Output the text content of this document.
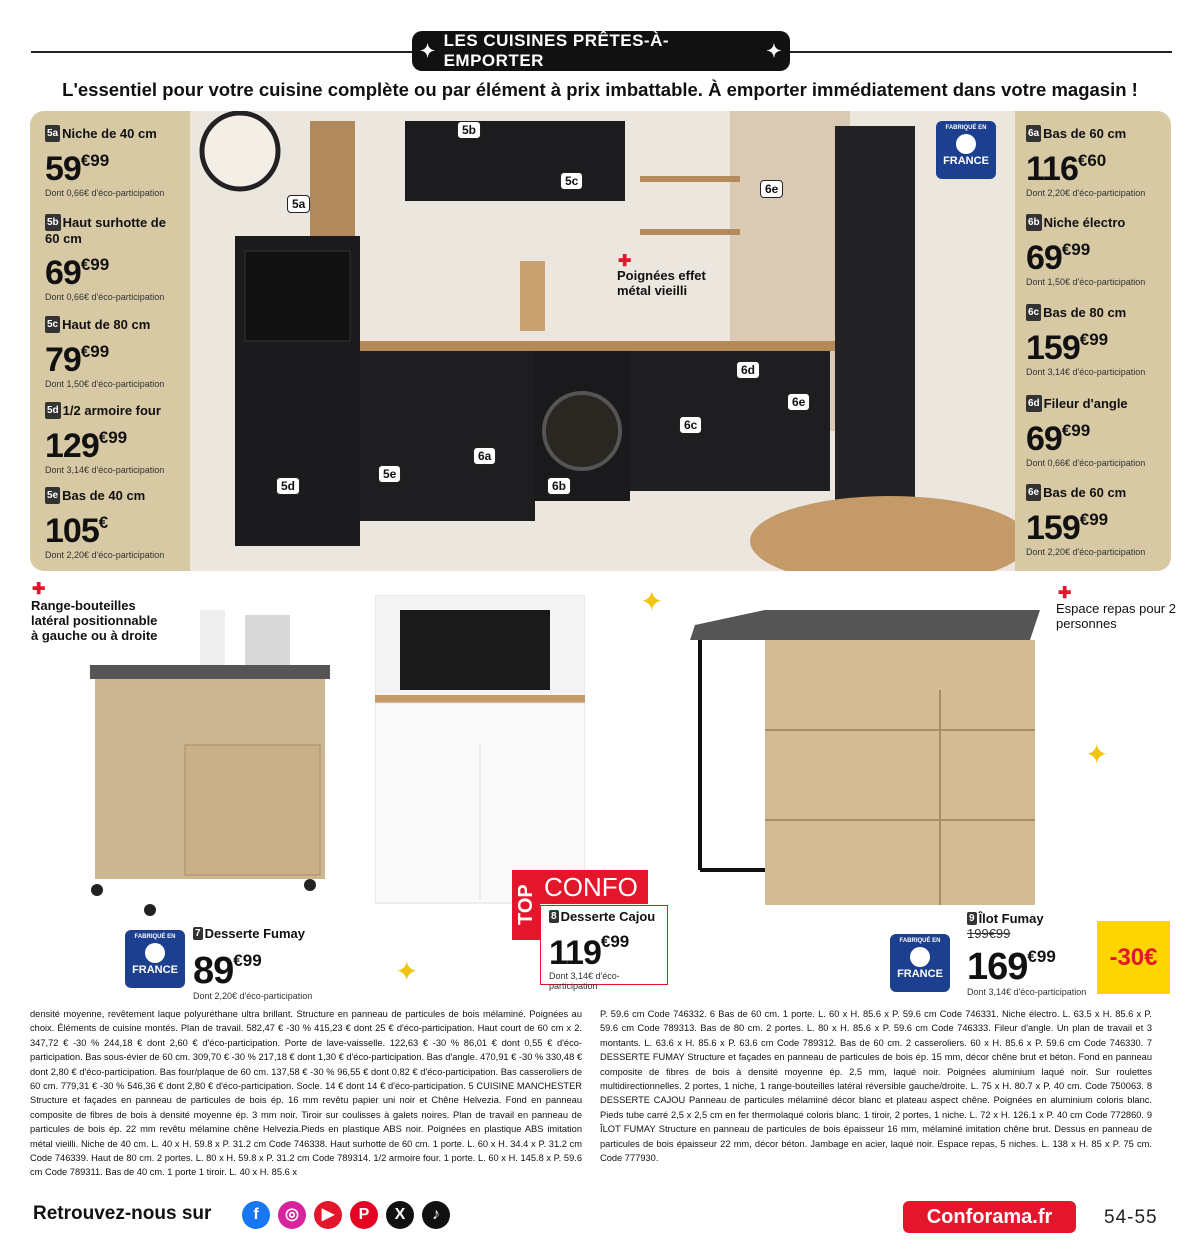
✦ LES CUISINES PRÊTES-À-EMPORTER	✦
L'essentiel pour votre cuisine complète ou par élément à prix imbattable. À emporter immédiatement dans votre magasin !
5a
5b
5c
5d
5e
6a
6b
6c
6d
6e
6e
✚
Poignées effet métal vieilli
FABRIQUÉ EN
FRANCE
5a Niche de 40 cm
$59^{€99}$
Dont 0,66€ d'éco-participation
5b Haut surhotte de 60 cm
$69^{€99}$
Dont 0,66€ d'éco-participation
5c Haut de 80 cm
$79^{€99}$
Dont 1,50€ d'éco-participation
5d 1/2 armoire four
$129^{€99}$
Dont 3,14€ d'éco-participation
5e Bas de 40 cm
105€
Dont 2,20€ d'éco-participation
6a Bas de 60 cm
$116^{€60}$
Dont 2,20€ d'éco-participation
6b Niche électro
$69^{€99}$
Dont 1,50€ d'éco-participation
6c Bas de 80 cm
$159^{€99}$
Dont 3,14€ d'éco-participation
6d Fileur d'angle
$69^{€99}$
Dont 0,66€ d'éco-participation
6e Bas de 60 cm
$159^{€99}$
Dont 2,20€ d'éco-participation
✚
Range-bouteilles latéral positionnable à gauche ou à droite
✚
Espace repas pour 2 personnes
✦
✦
✦
FABRIQUÉ EN
FRANCE
7 Desserte Fumay
$89^{€99}$
Dont 2,20€ d'éco-participation
TOP CONFO
8 Desserte Cajou
$119^{€99}$
Dont 3,14€ d'éco-participation
FABRIQUÉ EN
FRANCE
9 Îlot Fumay
199€99
$169^{€99}$
Dont 3,14€ d'éco-participation
-30€
densité moyenne, revêtement laque polyuréthane ultra brillant. Structure en panneau de particules de bois mélaminé. Poignées au choix. Éléments de cuisine montés. Plan de travail. 582,47 € -30 % 415,23 € dont 25 € d'éco-participation. Haut court de 60 cm x 2. 347,72 € -30 % 244,18 € dont 2,60 € d'éco-participation. Porte de lave-vaisselle. 122,63 € -30 % 86,01 € dont 0,55 € d'éco-participation. Bas sous-évier de 60 cm. 309,70 € -30 % 217,18 € dont 1,30 € d'éco-participation. Bas d'angle. 470,91 € -30 % 330,48 € dont 2,80 € d'éco-participation. Bas four/plaque de 60 cm. 137,58 € -30 % 96,55 € dont 0,82 € d'éco-participation. Bas casseroliers de 60 cm. 779,31 € -30 % 546,36 € dont 2,80 € d'éco-participation. Socle. 14 € dont 14 € d'éco-participation. 5 CUISINE MANCHESTER Structure et façades en panneau de particules de bois ép. 16 mm revêtu papier uni noir et Chêne Helvezia. Fond en panneau composite de fibres de bois à densité moyenne ép. 3 mm noir. Tiroir sur coulisses à galets noires. Plan de travail en panneau de particules de bois ép. 22 mm revêtu mélamine chêne Helvezia.Pieds en plastique ABS noir. Poignées en plastique ABS imitation métal vieilli. Niche de 40 cm. L. 40 x H. 59.8 x P. 31.2 cm Code 746338. Haut surhotte de 60 cm. 1 porte. L. 60 x H. 34.4 x P. 31.2 cm Code 746339. Haut de 80 cm. 2 portes. L. 80 x H. 59.8 x P. 31.2 cm Code 789314. 1/2 armoire four. 1 porte. L. 60 x H. 145.8 x P. 59.6 cm Code 789311. Bas de 40 cm. 1 porte 1 tiroir. L. 40 x H. 85.6 x
P. 59.6 cm Code 746332. 6 Bas de 60 cm. 1 porte. L. 60 x H. 85.6 x P. 59.6 cm Code 746331. Niche électro. L. 63.5 x H. 85.6 x P. 59.6 cm Code 789313. Bas de 80 cm. 2 portes. L. 80 x H. 85.6 x P. 59.6 cm Code 746333. Fileur d'angle. Un plan de travail et 3 montants. L. 63.6 x H. 85.6 x P. 63.6 cm Code 789312. Bas de 60 cm. 2 casseroliers. 60 x H. 85.6 x P. 59.6 cm Code 746330. 7 DESSERTE FUMAY Structure et façades en panneau de particules de bois ép. 15 mm, décor chêne brut et béton. Fond en panneau composite de fibres de bois à densité moyenne ép. 2.5 mm, laqué noir. Poignées aluminium laqué noir. Sur roulettes multidirectionnelles. 2 portes, 1 niche, 1 range-bouteilles latéral réversible gauche/droite. L. 75 x H. 80.7 x P. 40 cm. Code 750063. 8 DESSERTE CAJOU Panneau de particules mélaminé décor blanc et plateau aspect chêne. Poignées en aluminium coloris blanc. Pieds tube carré 2,5 x 2,5 cm en fer thermolaqué coloris blanc. 1 tiroir, 2 portes, 1 niche. L. 72 x H. 126.1 x P. 40 cm Code 772860. 9 ÎLOT FUMAY Structure en panneau de particules de bois épaisseur 16 mm, mélaminé imitation chêne brut. Dessus en panneau de particules de bois épaisseur 22 mm, décor béton. Jambage en acier, laqué noir. Espace repas, 5 niches. L. 138 x H. 85 x P. 75 cm. Code 777930.
Retrouvez-nous sur	f	◎	▶	P	X	♪	Conforama.fr	54-55
